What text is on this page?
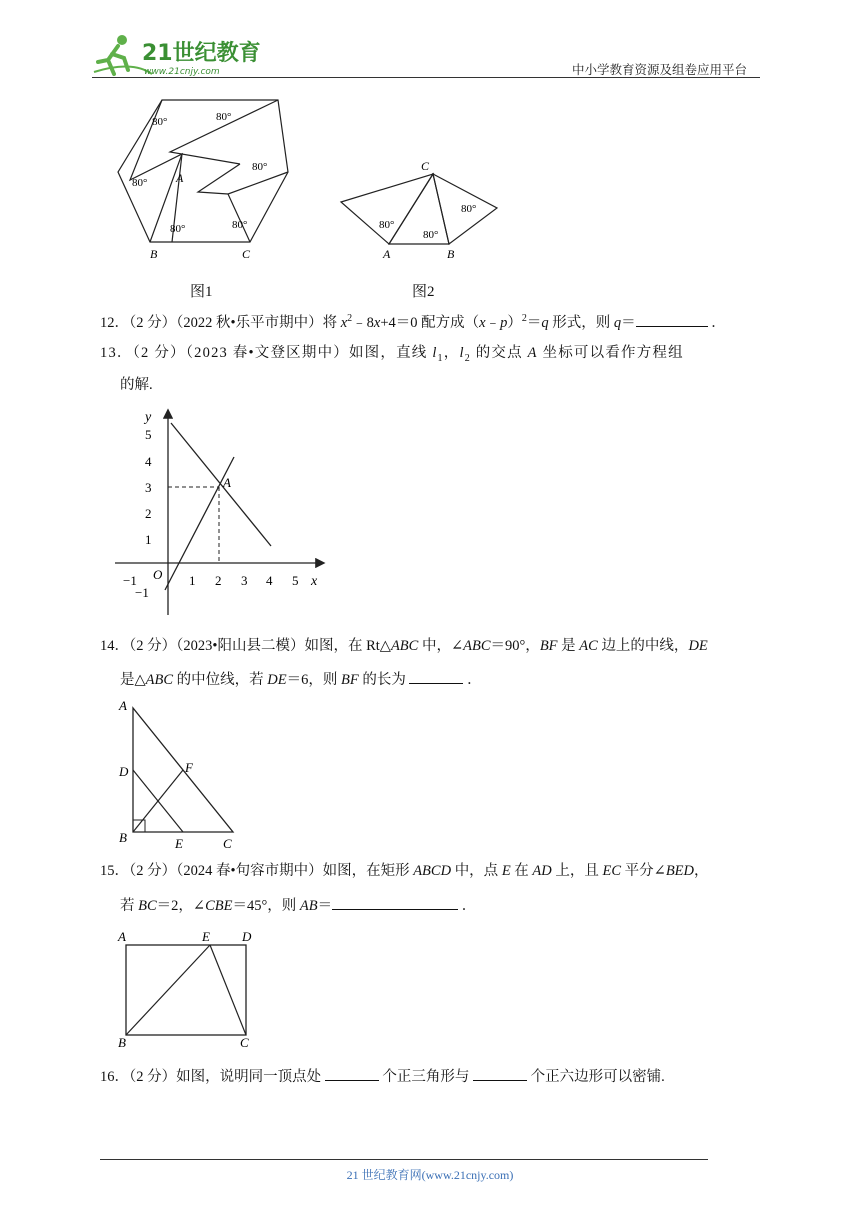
21世纪教育
www.21cnjy.com	中小学教育资源及组卷应用平台
80°	80°
80°
80°
80°	80°
A
B	C
80°
80°
80°
A	B
C
图1	图2
12．（2 分）（2022 秋•乐平市期中）将 $x^2﹣8x+4=0$ 配方成（x﹣p）$^2$＝q 形式，则 q＝	．
13．（2 分）（2023 春•文登区期中）如图，直线 $l_1$，$l_2$ 的交点 A 坐标可以看作方程组
的解.
y
x
O
A
−1	1 2 3 4 5
5
4
3
2
1
−1
14．（2 分）（2023•阳山县二模）如图，在 Rt△ABC 中，∠ABC＝90°，BF 是 AC 边上的中线，DE
是△ABC 的中位线，若 DE＝6，则 BF 的长为	．
A
D	F
B	E	C
15．（2 分）（2024 春•句容市期中）如图，在矩形 ABCD 中，点 E 在 AD 上，且 EC 平分∠BED，
若 BC＝2，∠CBE＝45°，则 AB＝	．
A	E D
B	C
16．（2 分）如图，说明同一顶点处	个正三角形与	个正六边形可以密铺.
21 世纪教育网(www.21cnjy.com)
